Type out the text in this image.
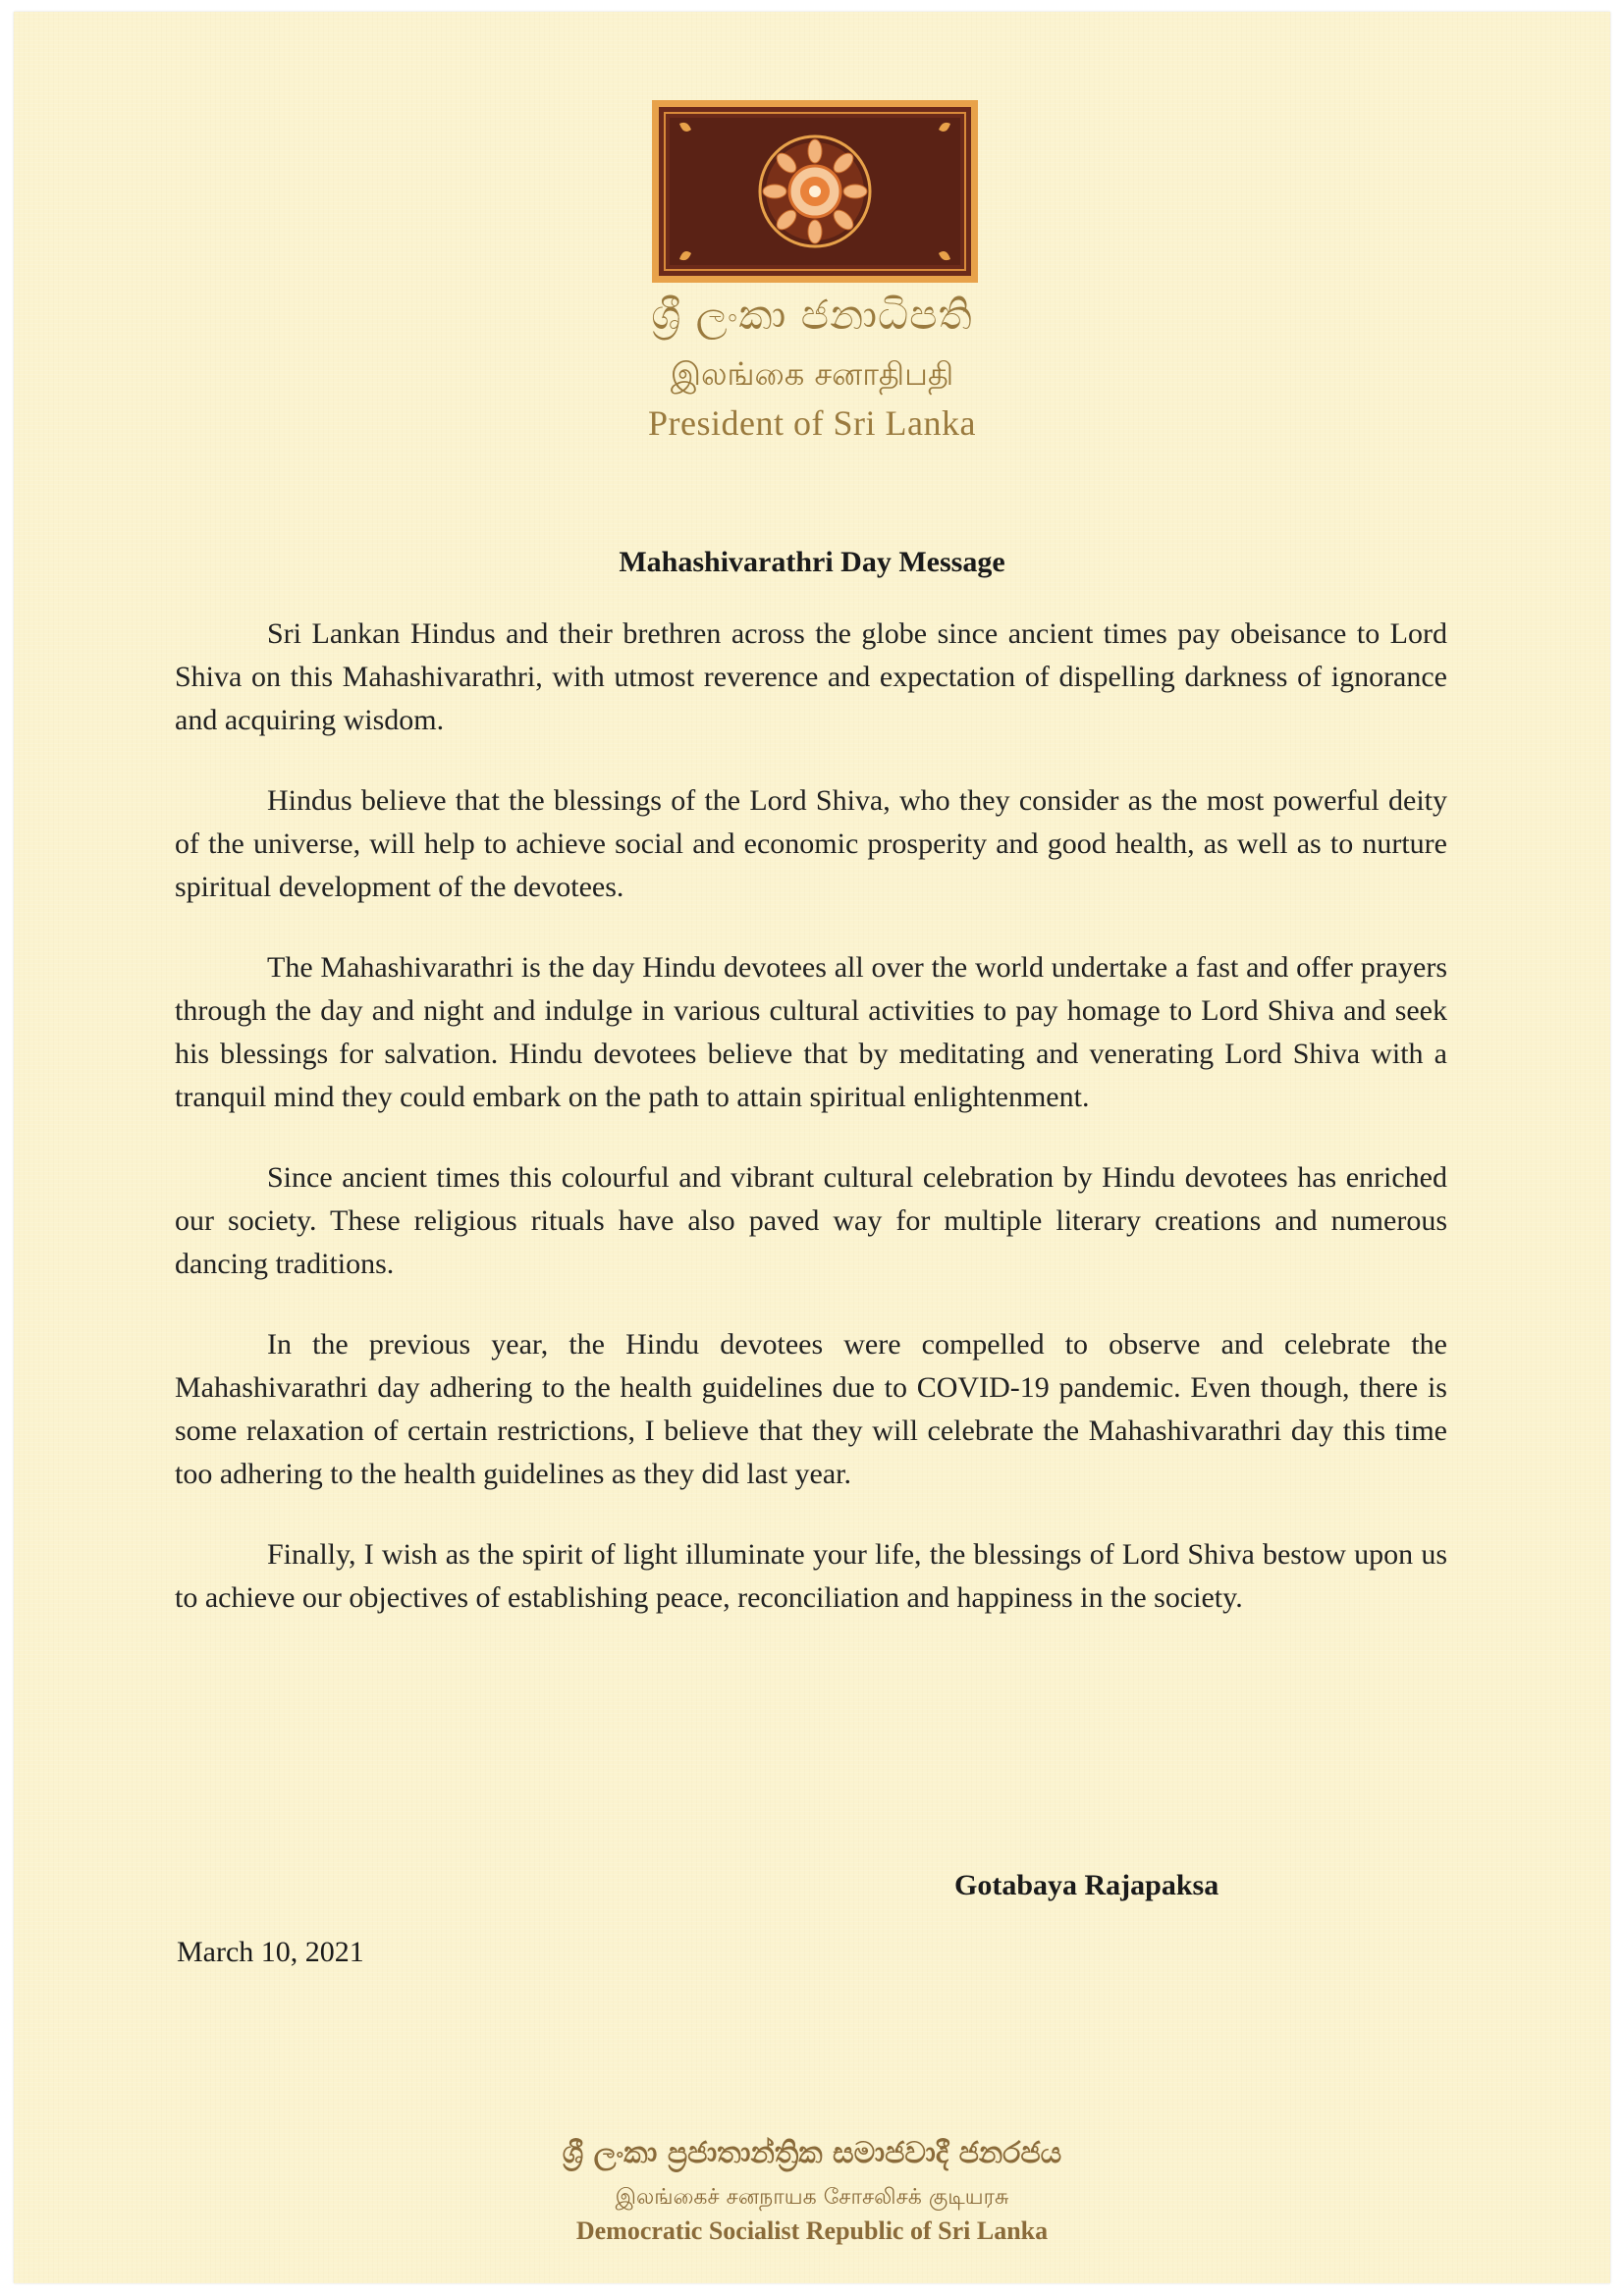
ශ්‍රී ලංකා ජනාධිපති
இலங்கை சனாதிபதி
President of Sri Lanka
Mahashivarathri Day Message

Sri Lankan Hindus and their brethren across the globe since ancient times pay obeisance to Lord Shiva on this Mahashivarathri, with utmost reverence and expectation of dispelling darkness of ignorance and acquiring wisdom.

Hindus believe that the blessings of the Lord Shiva, who they consider as the most powerful deity of the universe, will help to achieve social and economic prosperity and good health, as well as to nurture spiritual development of the devotees.

The Mahashivarathri is the day Hindu devotees all over the world undertake a fast and offer prayers through the day and night and indulge in various cultural activities to pay homage to Lord Shiva and seek his blessings for salvation. Hindu devotees believe that by meditating and venerating Lord Shiva with a tranquil mind they could embark on the path to attain spiritual enlightenment.

Since ancient times this colourful and vibrant cultural celebration by Hindu devotees has enriched our society. These religious rituals have also paved way for multiple literary creations and numerous dancing traditions.

In the previous year, the Hindu devotees were compelled to observe and celebrate the Mahashivarathri day adhering to the health guidelines due to COVID-19 pandemic. Even though, there is some relaxation of certain restrictions, I believe that they will celebrate the Mahashivarathri day this time too adhering to the health guidelines as they did last year.

Finally, I wish as the spirit of light illuminate your life, the blessings of Lord Shiva bestow upon us to achieve our objectives of establishing peace, reconciliation and happiness in the society.

Gotabaya Rajapaksa
March 10, 2021
ශ්‍රී ලංකා ප්‍රජාතාන්ත්‍රික සමාජවාදී ජනරජය
இலங்கைச் சனநாயக சோசலிசக் குடியரசு
Democratic Socialist Republic of Sri Lanka
